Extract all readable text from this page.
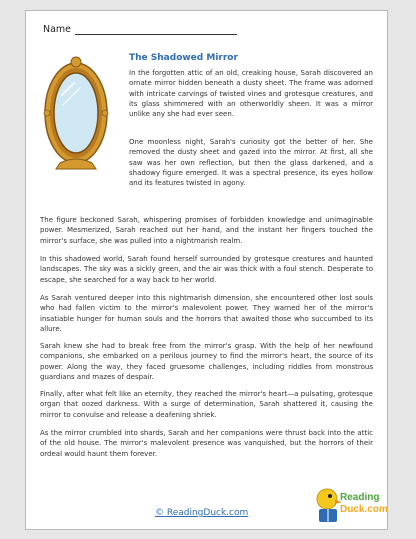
Name
The Shadowed Mirror

In the forgotten attic of an old, creaking house, Sarah discovered an ornate mirror hidden beneath a dusty sheet. The frame was adorned with intricate carvings of twisted vines and grotesque creatures, and its glass shimmered with an otherworldly sheen. It was a mirror unlike any she had ever seen.

One moonless night, Sarah's curiosity got the better of her. She removed the dusty sheet and gazed into the mirror. At first, all she saw was her own reflection, but then the glass darkened, and a shadowy figure emerged. It was a spectral presence, its eyes hollow and its features twisted in agony.

The figure beckoned Sarah, whispering promises of forbidden knowledge and unimaginable power. Mesmerized, Sarah reached out her hand, and the instant her fingers touched the mirror's surface, she was pulled into a nightmarish realm.

In this shadowed world, Sarah found herself surrounded by grotesque creatures and haunted landscapes. The sky was a sickly green, and the air was thick with a foul stench. Desperate to escape, she searched for a way back to her world.

As Sarah ventured deeper into this nightmarish dimension, she encountered other lost souls who had fallen victim to the mirror's malevolent power. They warned her of the mirror's insatiable hunger for human souls and the horrors that awaited those who succumbed to its allure.

Sarah knew she had to break free from the mirror's grasp. With the help of her newfound companions, she embarked on a perilous journey to find the mirror's heart, the source of its power. Along the way, they faced gruesome challenges, including riddles from monstrous guardians and mazes of despair.

Finally, after what felt like an eternity, they reached the mirror's heart—a pulsating, grotesque organ that oozed darkness. With a surge of determination, Sarah shattered it, causing the mirror to convulse and release a deafening shriek.

As the mirror crumbled into shards, Sarah and her companions were thrust back into the attic of the old house. The mirror's malevolent presence was vanquished, but the horrors of their ordeal would haunt them forever.

© ReadingDuck.com
Reading
Duck.com
